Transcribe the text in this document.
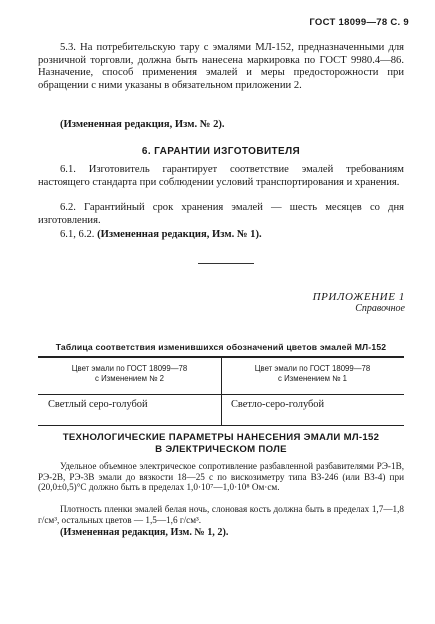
ГОСТ 18099—78 С. 9
5.3. На потребительскую тару с эмалями МЛ-152, предназначенными для розничной торговли, должна быть нанесена маркировка по ГОСТ 9980.4—86. Назначение, способ применения эмалей и меры предосторожности при обращении с ними указаны в обязательном приложении 2.
(Измененная редакция, Изм. № 2).
6. ГАРАНТИИ ИЗГОТОВИТЕЛЯ
6.1. Изготовитель гарантирует соответствие эмалей требованиям настоящего стандарта при соблюдении условий транспортирования и хранения.
6.2. Гарантийный срок хранения эмалей — шесть месяцев со дня изготовления.
6.1, 6.2. (Измененная редакция, Изм. № 1).
ПРИЛОЖЕНИЕ 1
Справочное
Таблица соответствия изменившихся обозначений цветов эмалей МЛ-152
Цвет эмали по ГОСТ 18099—78
с Изменением № 2
Цвет эмали по ГОСТ 18099—78
с Изменением № 1
Светлый серо-голубой	Светло-серо-голубой
ТЕХНОЛОГИЧЕСКИЕ ПАРАМЕТРЫ НАНЕСЕНИЯ ЭМАЛИ МЛ-152
В ЭЛЕКТРИЧЕСКОМ ПОЛЕ
Удельное объемное электрическое сопротивление разбавленной разбавителями РЭ-1В, РЭ-2В, РЭ-3В эмали до вязкости 18—25 с по вискозиметру типа ВЗ-246 (или ВЗ-4) при (20,0±0,5)°С должно быть в пределах 1,0·10⁷—1,0·10⁸ Ом·см.
Плотность пленки эмалей белая ночь, слоновая кость должна быть в пределах 1,7—1,8 г/см³, остальных цветов — 1,5—1,6 г/см³.
(Измененная редакция, Изм. № 1, 2).
